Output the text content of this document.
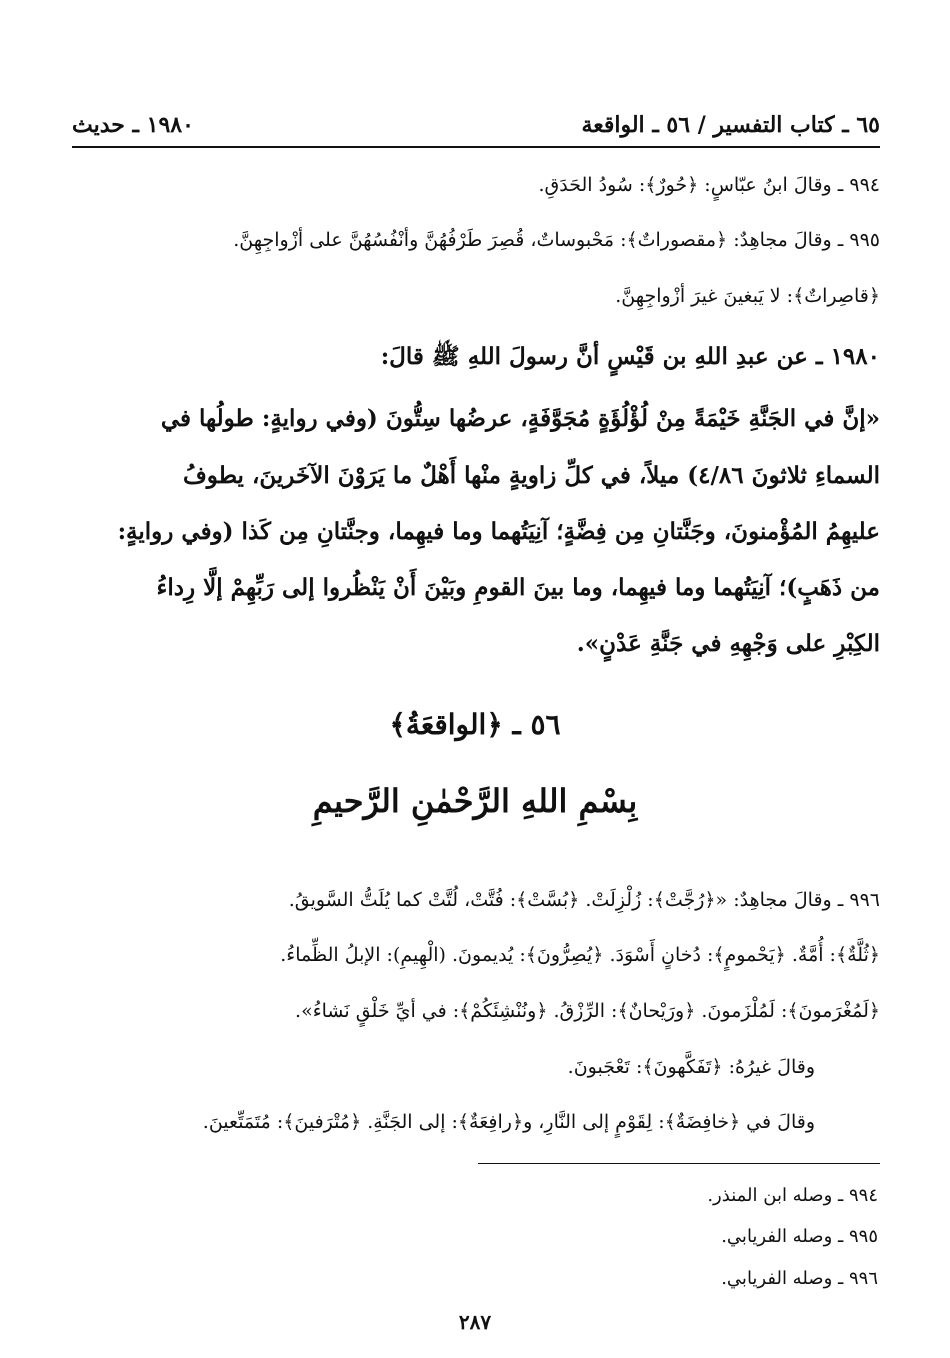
٦٥ ـ كتاب التفسير / ٥٦ ـ الواقعة
١٩٨٠ ـ حديث
٩٩٤ ـ وقالَ ابنُ عبّاسٍ: ﴿حُورٌ﴾: سُودُ الحَدَقِ.
٩٩٥ ـ وقالَ مجاهِدٌ: ﴿مقصوراتٌ﴾: مَحْبوساتٌ، قُصِرَ طَرْفُهُنَّ وأنْفُسُهُنَّ على أزْواجِهِنَّ.
﴿قاصِراتٌ﴾: لا يَبغينَ غيرَ أزْواجِهِنَّ.
١٩٨٠ ـ عن عبدِ اللهِ بن قَيْسٍ أنَّ رسولَ اللهِ ﷺ قالَ:
«إنَّ في الجَنَّةِ خَيْمَةً مِنْ لُؤْلُؤَةٍ مُجَوَّفَةٍ، عرضُها سِتُّونَ (وفي روايةٍ: طولُها في
السماءِ ثلاثونَ ٤/٨٦) ميلاً، في كلِّ زاويةٍ منْها أَهْلٌ ما يَرَوْنَ الآخَرينَ، يطوفُ
عليهِمُ المُؤْمنونَ، وجَنَّتانِ مِن فِضَّةٍ؛ آنِيَتُهما وما فيهِما، وجنَّتانِ مِن كَذا (وفي روايةٍ:
من ذَهَبٍ)؛ آنِيَتُهما وما فيهِما، وما بينَ القومِ وبَيْنَ أَنْ يَنْظُروا إلى رَبِّهِمْ إلَّا رِداءُ
الكِبْرِ على وَجْهِهِ في جَنَّةِ عَدْنٍ».
٥٦ ـ ﴿الواقعَةُ﴾
بِسْمِ اللهِ الرَّحْمٰنِ الرَّحيمِ
٩٩٦ ـ وقالَ مجاهِدٌ: «﴿رُجَّتْ﴾: زُلْزِلَتْ. ﴿بُسَّتْ﴾: فُتَّتْ، لُتَّتْ كما يُلَتُّ السَّويقُ.
﴿ثُلَّةٌ﴾: أُمَّةٌ. ﴿يَحْمومٍ﴾: دُخانٍ أَسْوَدَ. ﴿يُصِرُّونَ﴾: يُديمونَ. (الْهِيمِ): الإبلُ الظِّماءُ.
﴿لَمُغْرَمونَ﴾: لَمُلْزَمونَ. ﴿ورَيْحانٌ﴾: الرِّزْقُ. ﴿ونُنْشِئَكُمْ﴾: في أيِّ خَلْقٍ نَشاءُ».
وقالَ غيرُهُ: ﴿تَفَكَّهونَ﴾: تَعْجَبونَ.
وقالَ في ﴿خافِضَةٌ﴾: لِقَوْمٍ إلى النَّارِ، و﴿رافِعَةٌ﴾: إلى الجَنَّةِ. ﴿مُتْرَفينَ﴾: مُتَمَتِّعينَ.
٩٩٤ ـ وصله ابن المنذر.
٩٩٥ ـ وصله الفريابي.
٩٩٦ ـ وصله الفريابي.
٢٨٧
